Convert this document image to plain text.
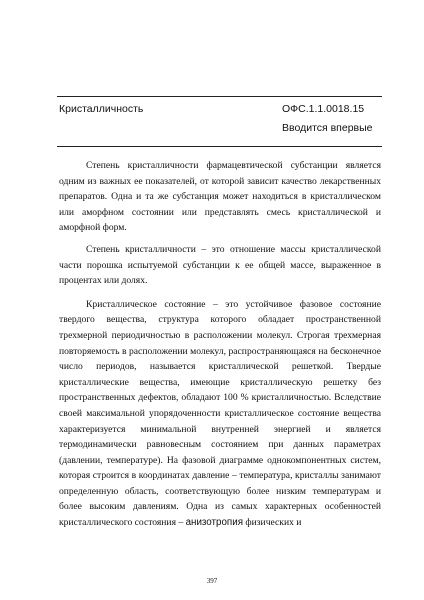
Кристалличность	ОФС.1.1.0018.15
Вводится впервые

Степень кристалличности фармацевтической субстанции является одним из важных ее показателей, от которой зависит качество лекарственных препаратов. Одна и та же субстанция может находиться в кристаллическом или аморфном состоянии или представлять смесь кристаллической и аморфной форм.

Степень кристалличности – это отношение массы кристаллической части порошка испытуемой субстанции к ее общей массе, выраженное в процентах или долях.

Кристаллическое состояние – это устойчивое фазовое состояние твердого вещества, структура которого обладает пространственной трехмерной периодичностью в расположении молекул. Строгая трехмерная повторяемость в расположении молекул, распространяющаяся на бесконечное число периодов, называется кристаллической решеткой. Твердые кристаллические вещества, имеющие кристаллическую решетку без пространственных дефектов, обладают 100 % кристалличностью. Вследствие своей максимальной упорядоченности кристаллическое состояние вещества характеризуется минимальной внутренней энергией и является термодинамически равновесным состоянием при данных параметрах (давлении, температуре). На фазовой диаграмме однокомпонентных систем, которая строится в координатах давление – температура, кристаллы занимают определенную область, соответствующую более низким температурам и более высоким давлениям. Одна из самых характерных особенностей кристаллического состояния – анизотропия физических и

397
